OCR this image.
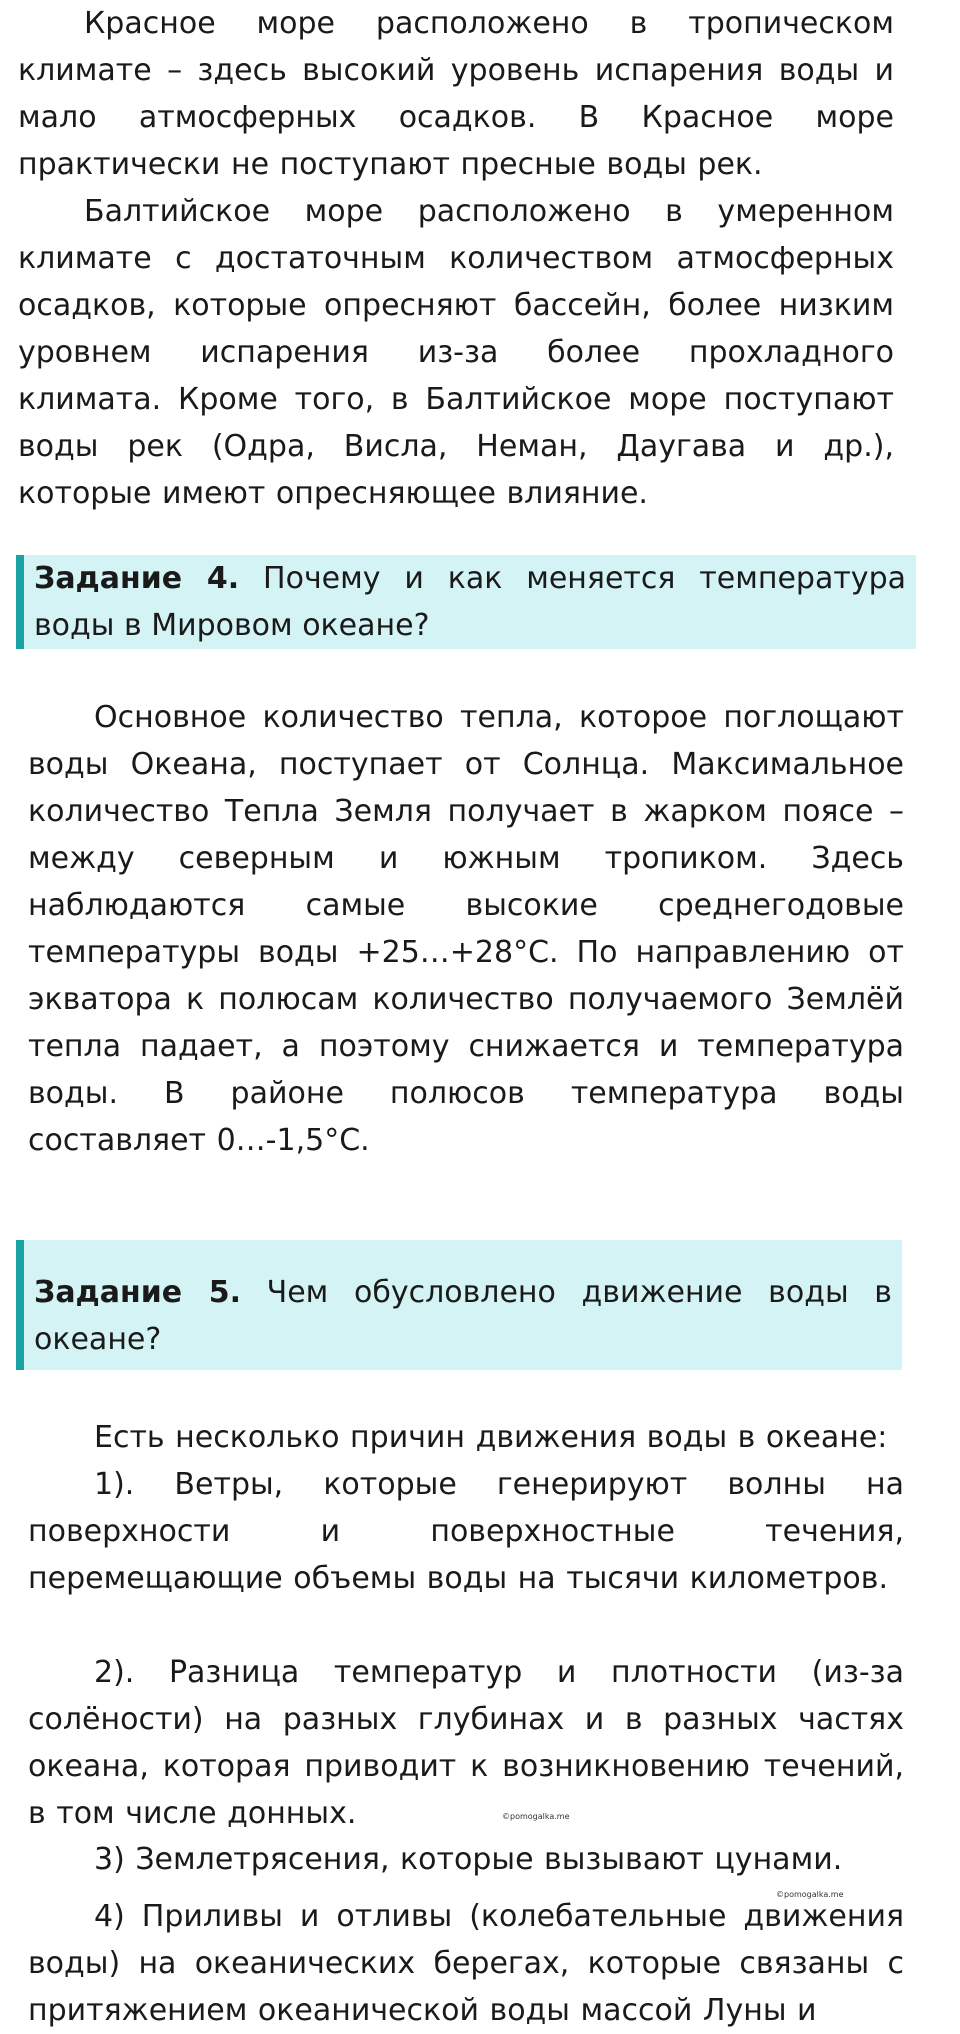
Красное море расположено в тропическом климате – здесь высокий уровень испарения воды и мало атмосферных осадков. В Красное море практически не поступают пресные воды рек.

Балтийское море расположено в умеренном климате с достаточным количеством атмосферных осадков, которые опресняют бассейн, более низким уровнем испарения из-за более прохладного климата. Кроме того, в Балтийское море поступают воды рек (Одра, Висла, Неман, Даугава и др.), которые имеют опресняющее влияние.

Задание 4. Почему и как меняется температура воды в Мировом океане?

Основное количество тепла, которое поглощают воды Океана, поступает от Солнца. Максимальное количество Тепла Земля получает в жарком поясе – между северным и южным тропиком. Здесь наблюдаются самые высокие среднегодовые температуры воды +25…+28°С. По направлению от экватора к полюсам количество получаемого Землёй тепла падает, а поэтому снижается и температура воды. В районе полюсов температура воды составляет 0…-1,5°С.

Задание 5. Чем обусловлено движение воды в океане?

Есть несколько причин движения воды в океане:

1). Ветры, которые генерируют волны на поверхности и поверхностные течения, перемещающие объемы воды на тысячи километров.

2). Разница температур и плотности (из-за солёности) на разных глубинах и в разных частях океана, которая приводит к возникновению течений, в том числе донных.	©pomogalka.me

3) Землетрясения, которые вызывают цунами.

©pomogalka.me

4) Приливы и отливы (колебательные движения воды) на океанических берегах, которые связаны с притяжением океанической воды массой Луны и
